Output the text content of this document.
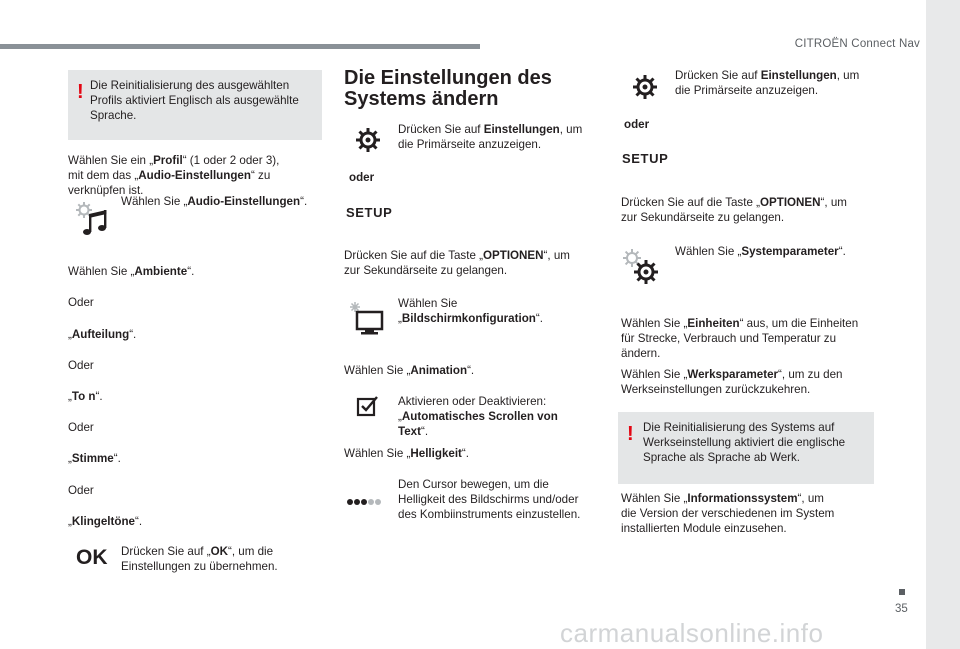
CITROËN Connect Nav
! Die Reinitialisierung des ausgewählten Profils aktiviert Englisch als ausgewählte Sprache.
Wählen Sie ein „Profil“ (1 oder 2 oder 3),
mit dem das „Audio-Einstellungen“ zu
verknüpfen ist.
Wählen Sie „Audio-Einstellungen“.
Wählen Sie „Ambiente“.
Oder
„Aufteilung“.
Oder
„To n“.
Oder
„Stimme“.
Oder
„Klingeltöne“.
OK Drücken Sie auf „OK“, um die
Einstellungen zu übernehmen.
Die Einstellungen des
Systems ändern
Drücken Sie auf Einstellungen, um
die Primärseite anzuzeigen.
oder
SETUP
Drücken Sie auf die Taste „OPTIONEN“, um
zur Sekundärseite zu gelangen.
Wählen Sie
„Bildschirmkonfiguration“.
Wählen Sie „Animation“.
Aktivieren oder Deaktivieren:
„Automatisches Scrollen von
Text“.
Wählen Sie „Helligkeit“.
Den Cursor bewegen, um die
Helligkeit des Bildschirms und/oder
des Kombiinstruments einzustellen.
Drücken Sie auf Einstellungen, um
die Primärseite anzuzeigen.
oder
SETUP
Drücken Sie auf die Taste „OPTIONEN“, um
zur Sekundärseite zu gelangen.
Wählen Sie „Systemparameter“.
Wählen Sie „Einheiten“ aus, um die Einheiten
für Strecke, Verbrauch und Temperatur zu
ändern.
Wählen Sie „Werksparameter“, um zu den
Werkseinstellungen zurückzukehren.
! Die Reinitialisierung des Systems auf Werkseinstellung aktiviert die englische Sprache als Sprache ab Werk.
Wählen Sie „Informationssystem“, um
die Version der verschiedenen im System
installierten Module einzusehen.
35
carmanualsonline.info
